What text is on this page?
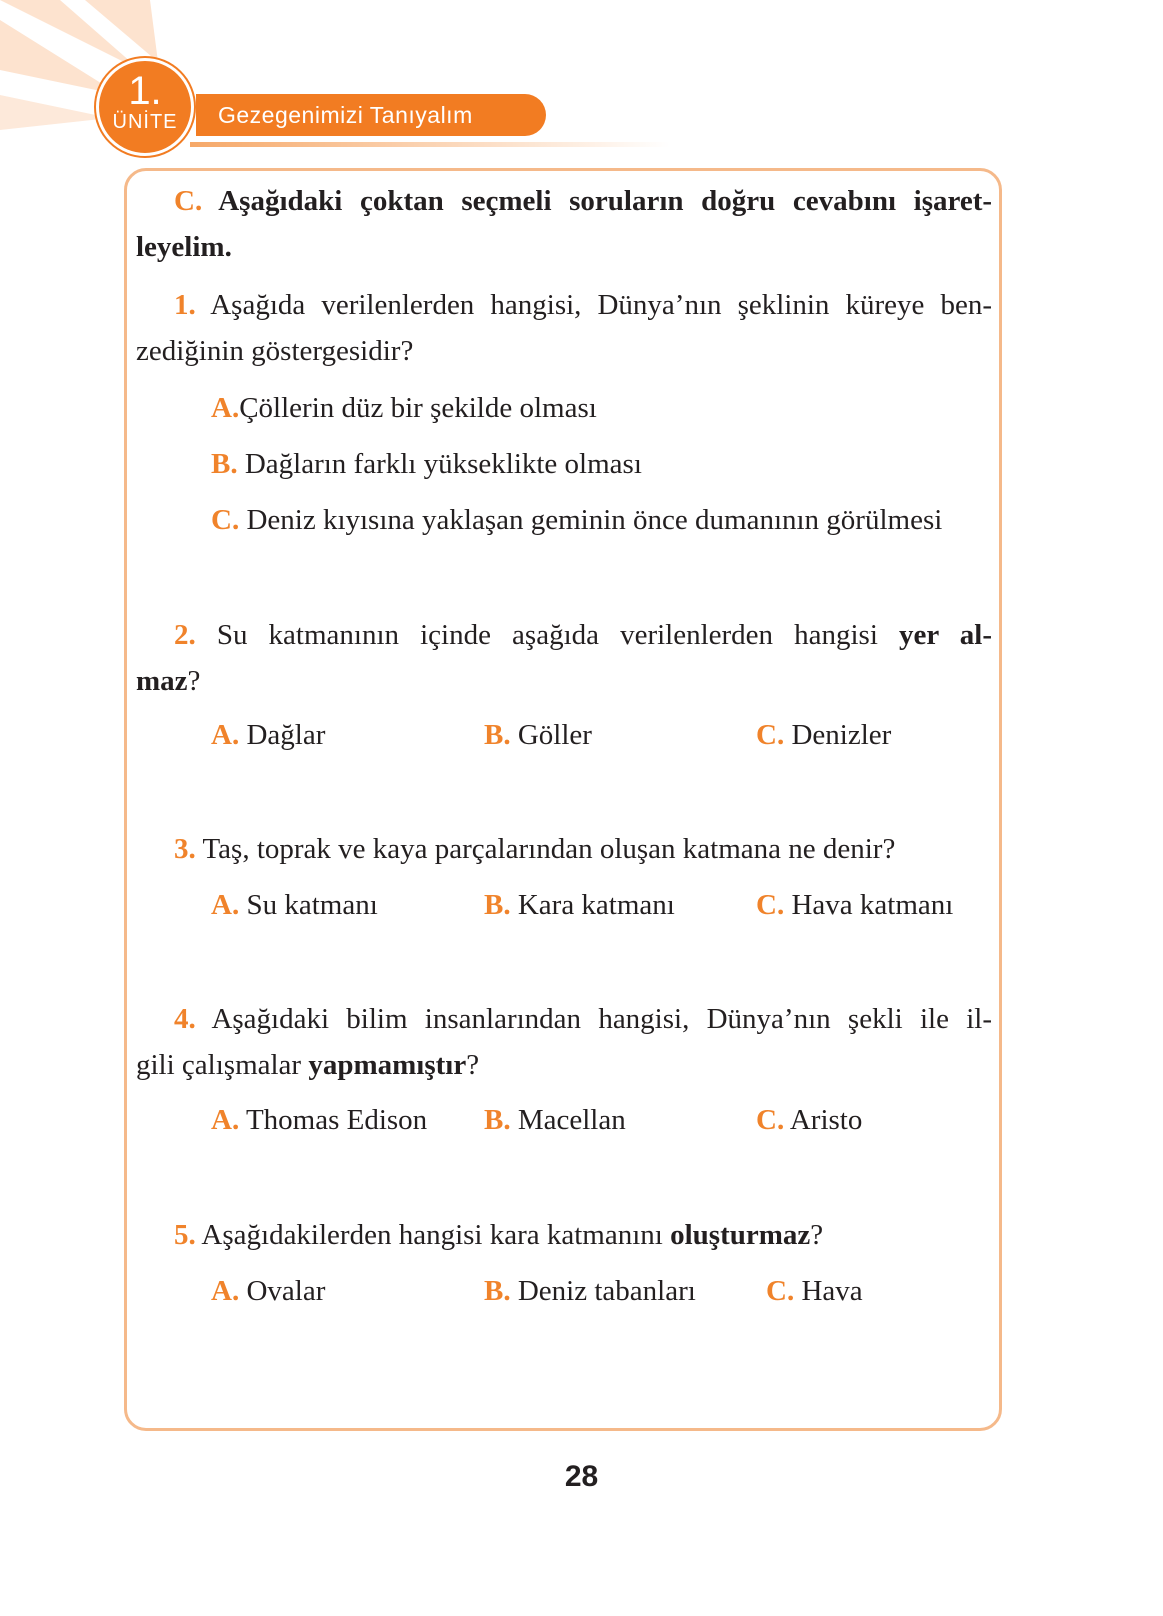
1.
ÜNİTE	Gezegenimizi Tanıyalım
C. Aşağıdaki çoktan seçmeli soruların doğru cevabını işaret-
leyelim.
1. Aşağıda verilenlerden hangisi, Dünya’nın şeklinin küreye ben-
zediğinin göstergesidir?
A.Çöllerin düz bir şekilde olması
B. Dağların farklı yükseklikte olması
C. Deniz kıyısına yaklaşan geminin önce dumanının görülmesi
2. Su katmanının içinde aşağıda verilenlerden hangisi yer al-
maz?
A. Dağlar	B. Göller	C. Denizler
3. Taş, toprak ve kaya parçalarından oluşan katmana ne denir?
A. Su katmanı	B. Kara katmanı	C. Hava katmanı
4. Aşağıdaki bilim insanlarından hangisi, Dünya’nın şekli ile il-
gili çalışmalar yapmamıştır?
A. Thomas Edison B. Macellan	C. Aristo
5. Aşağıdakilerden hangisi kara katmanını oluşturmaz?
A. Ovalar	B. Deniz tabanları C. Hava
28
